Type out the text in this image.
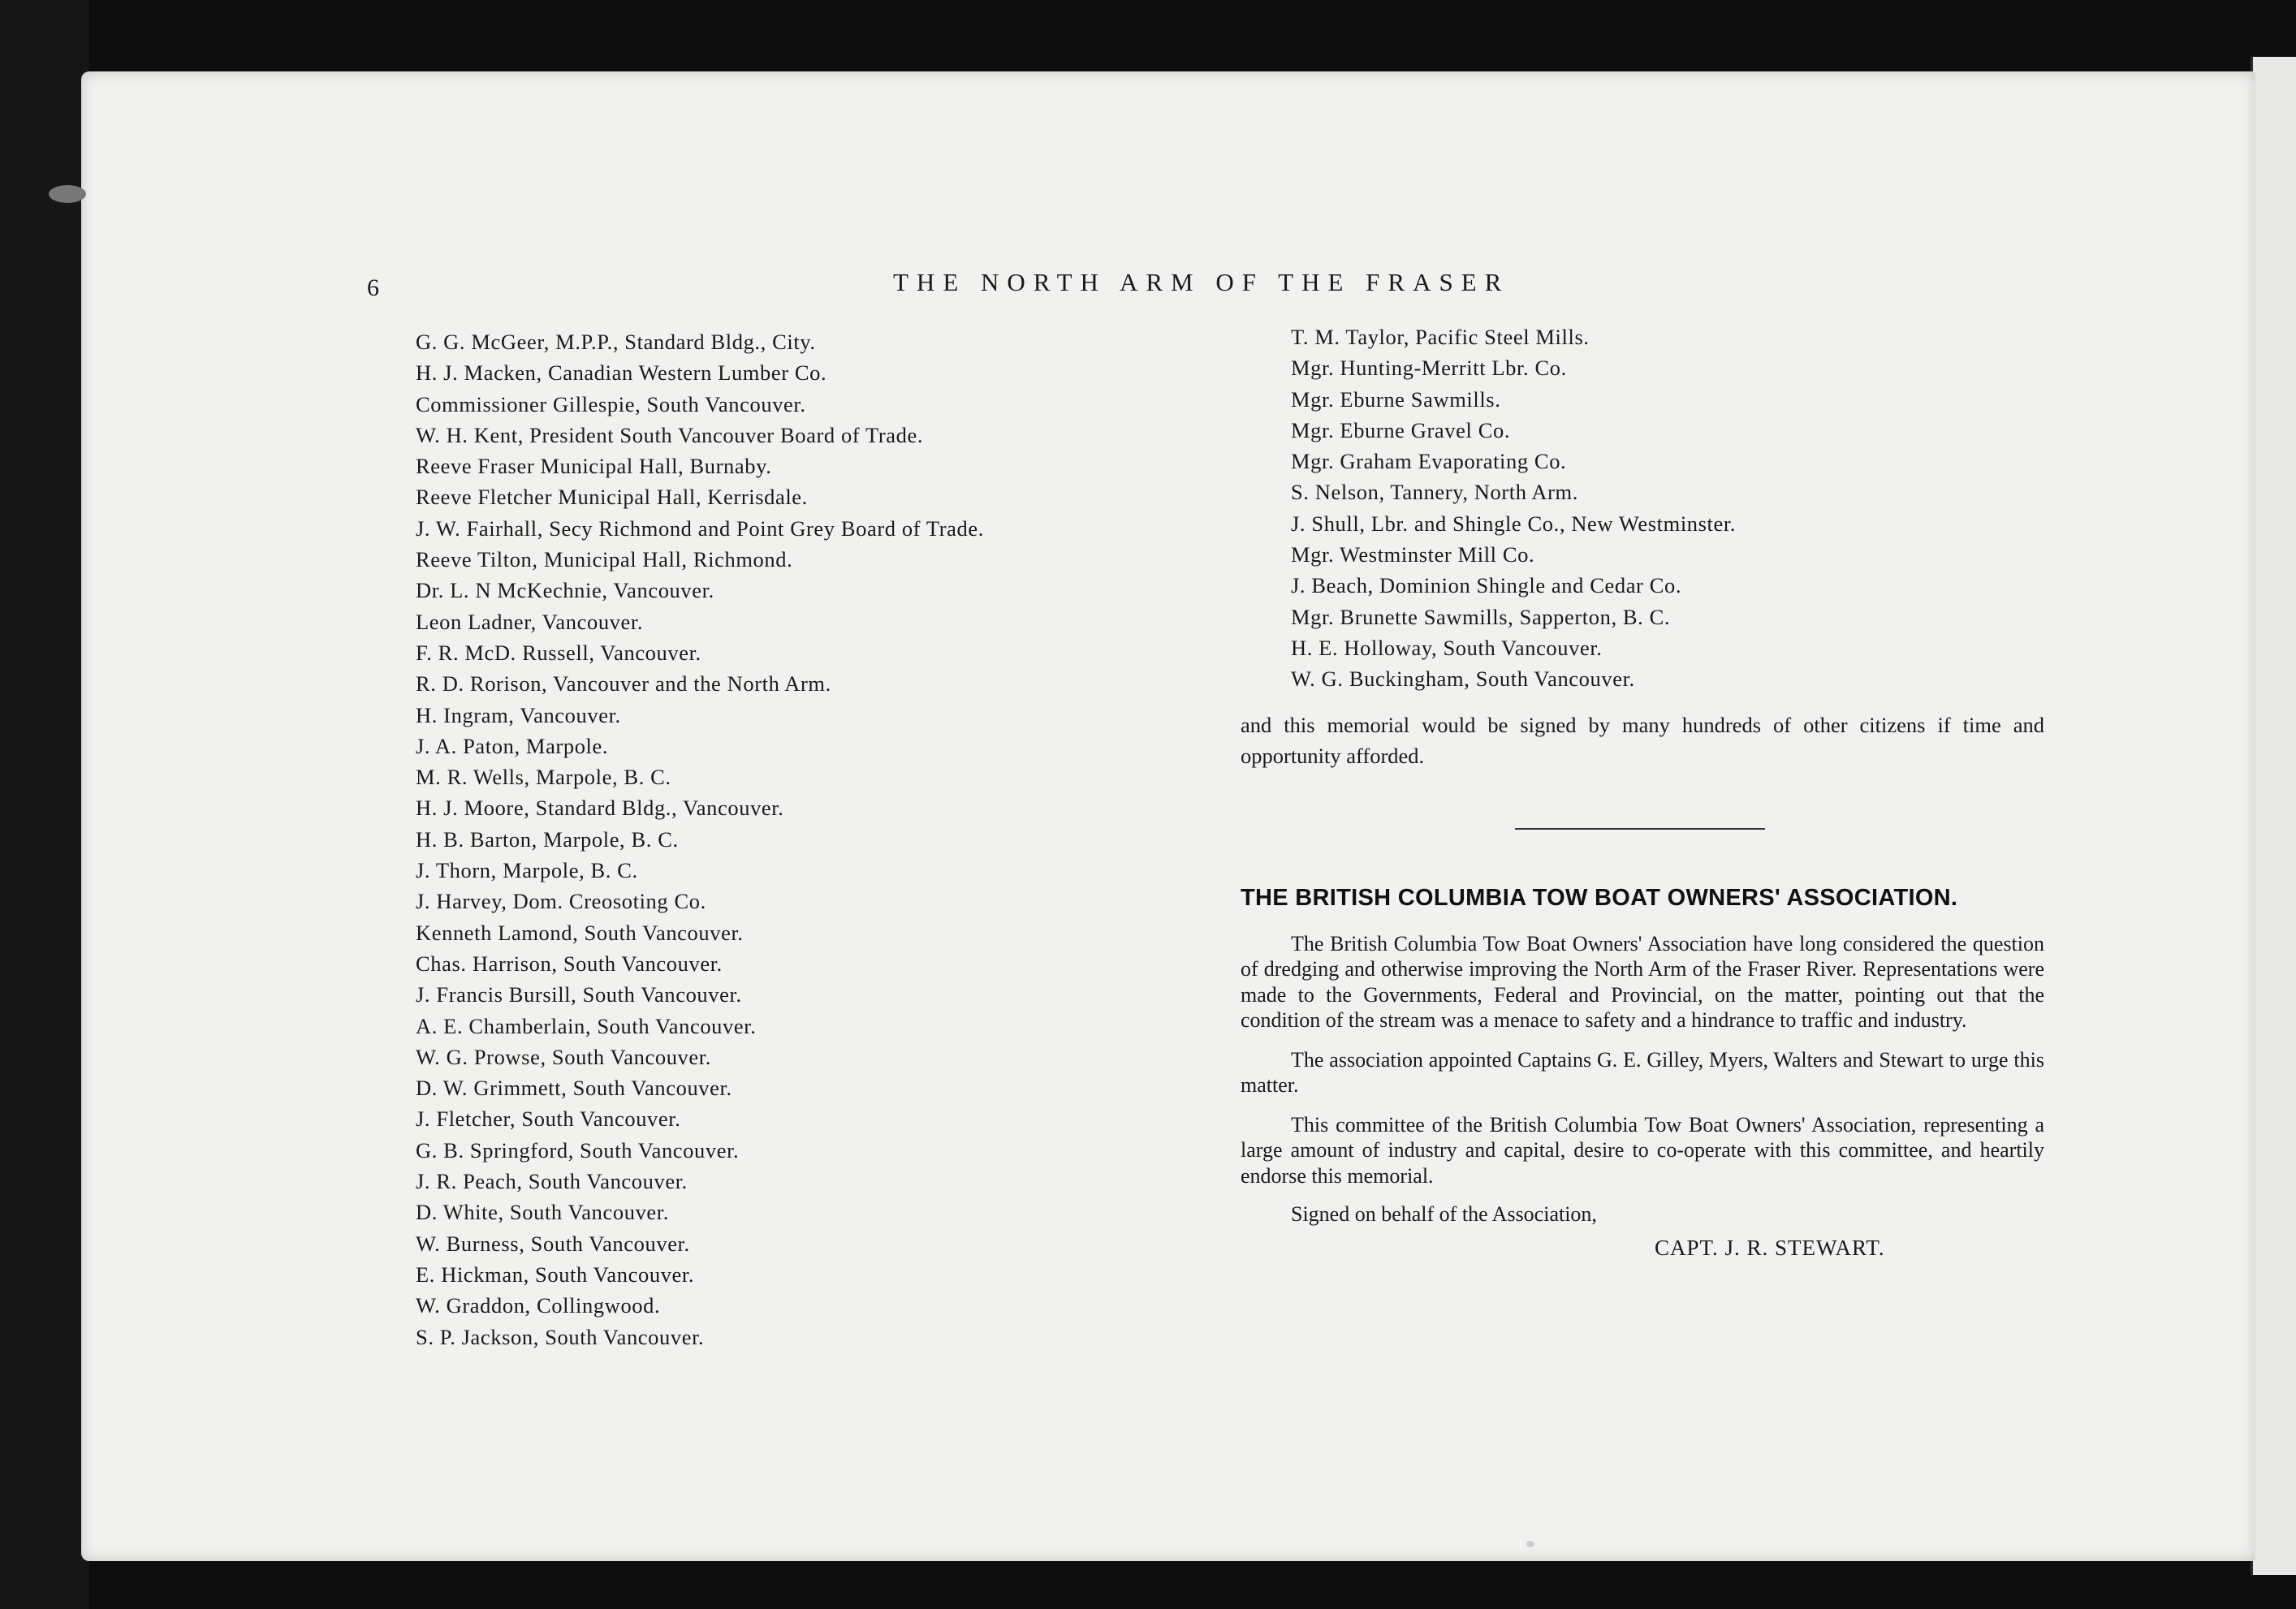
6	THE NORTH ARM OF THE FRASER
G. G. McGeer, M.P.P., Standard Bldg., City.
H. J. Macken, Canadian Western Lumber Co.
Commissioner Gillespie, South Vancouver.
W. H. Kent, President South Vancouver Board of Trade.
Reeve Fraser Municipal Hall, Burnaby.
Reeve Fletcher Municipal Hall, Kerrisdale.
J. W. Fairhall, Secy Richmond and Point Grey Board of Trade.
Reeve Tilton, Municipal Hall, Richmond.
Dr. L. N McKechnie, Vancouver.
Leon Ladner, Vancouver.
F. R. McD. Russell, Vancouver.
R. D. Rorison, Vancouver and the North Arm.
H. Ingram, Vancouver.
J. A. Paton, Marpole.
M. R. Wells, Marpole, B. C.
H. J. Moore, Standard Bldg., Vancouver.
H. B. Barton, Marpole, B. C.
J. Thorn, Marpole, B. C.
J. Harvey, Dom. Creosoting Co.
Kenneth Lamond, South Vancouver.
Chas. Harrison, South Vancouver.
J. Francis Bursill, South Vancouver.
A. E. Chamberlain, South Vancouver.
W. G. Prowse, South Vancouver.
D. W. Grimmett, South Vancouver.
J. Fletcher, South Vancouver.
G. B. Springford, South Vancouver.
J. R. Peach, South Vancouver.
D. White, South Vancouver.
W. Burness, South Vancouver.
E. Hickman, South Vancouver.
W. Graddon, Collingwood.
S. P. Jackson, South Vancouver.
T. M. Taylor, Pacific Steel Mills.
Mgr. Hunting-Merritt Lbr. Co.
Mgr. Eburne Sawmills.
Mgr. Eburne Gravel Co.
Mgr. Graham Evaporating Co.
S. Nelson, Tannery, North Arm.
J. Shull, Lbr. and Shingle Co., New Westminster.
Mgr. Westminster Mill Co.
J. Beach, Dominion Shingle and Cedar Co.
Mgr. Brunette Sawmills, Sapperton, B. C.
H. E. Holloway, South Vancouver.
W. G. Buckingham, South Vancouver.

and this memorial would be signed by many hundreds of other citizens if time and opportunity afforded.

THE BRITISH COLUMBIA TOW BOAT OWNERS' ASSOCIATION.

The British Columbia Tow Boat Owners' Association have long considered the question of dredging and otherwise improving the North Arm of the Fraser River. Representations were made to the Governments, Federal and Provincial, on the matter, pointing out that the condition of the stream was a menace to safety and a hindrance to traffic and industry.

The association appointed Captains G. E. Gilley, Myers, Walters and Stewart to urge this matter.

This committee of the British Columbia Tow Boat Owners' Association, representing a large amount of industry and capital, desire to co-operate with this committee, and heartily endorse this memorial.

Signed on behalf of the Association,
CAPT. J. R. STEWART.
